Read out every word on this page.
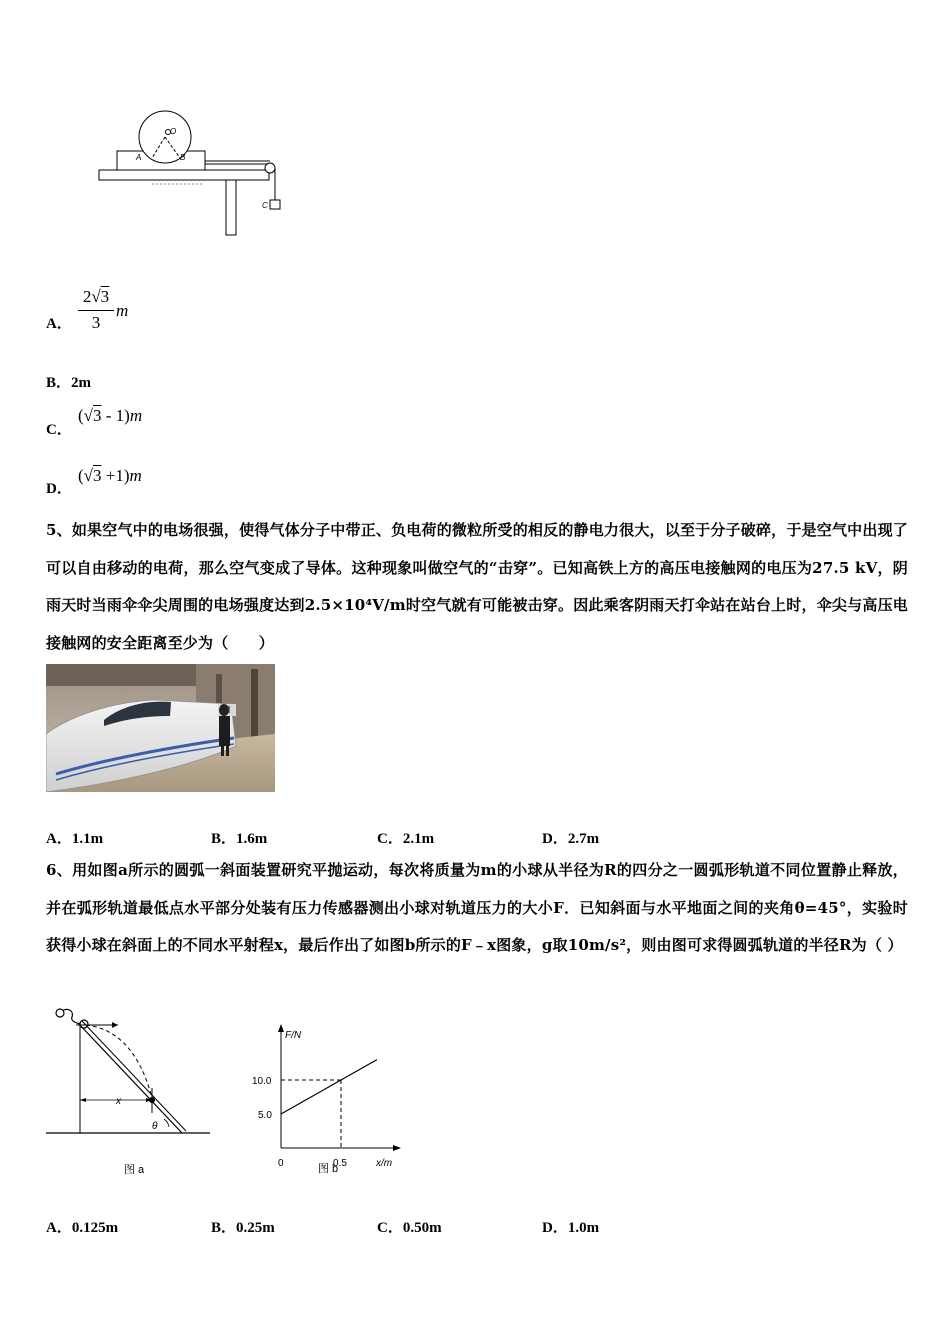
O
A	B
C
A．
2√3
3
m
B．2m
C．
(√3 - 1)m
D．
(√3 +1)m
5、如果空气中的电场很强，使得气体分子中带正、负电荷的微粒所受的相反的静电力很大，以至于分子破碎，于是空气中出现了可以自由移动的电荷，那么空气变成了导体。这种现象叫做空气的“击穿”。已知高铁上方的高压电接触网的电压为27.5 kV，阴雨天时当雨伞伞尖周围的电场强度达到2.5×10⁴V/m时空气就有可能被击穿。因此乘客阴雨天打伞站在站台上时，伞尖与高压电接触网的安全距离至少为（　　）
A．1.1m	B．1.6m	C．2.1m	D．2.7m
6、用如图a所示的圆弧一斜面装置研究平抛运动，每次将质量为m的小球从半径为R的四分之一圆弧形轨道不同位置静止释放，并在弧形轨道最低点水平部分处装有压力传感器测出小球对轨道压力的大小F．已知斜面与水平地面之间的夹角θ=45°，实验时获得小球在斜面上的不同水平射程x，最后作出了如图b所示的F﹣x图象，g取10m/s²，则由图可求得圆弧轨道的半径R为（ ）
x
θ
图 a
F/N
x/m
10.0
5.0
0	0.5
图 b
A．0.125m	B．0.25m	C．0.50m	D．1.0m
